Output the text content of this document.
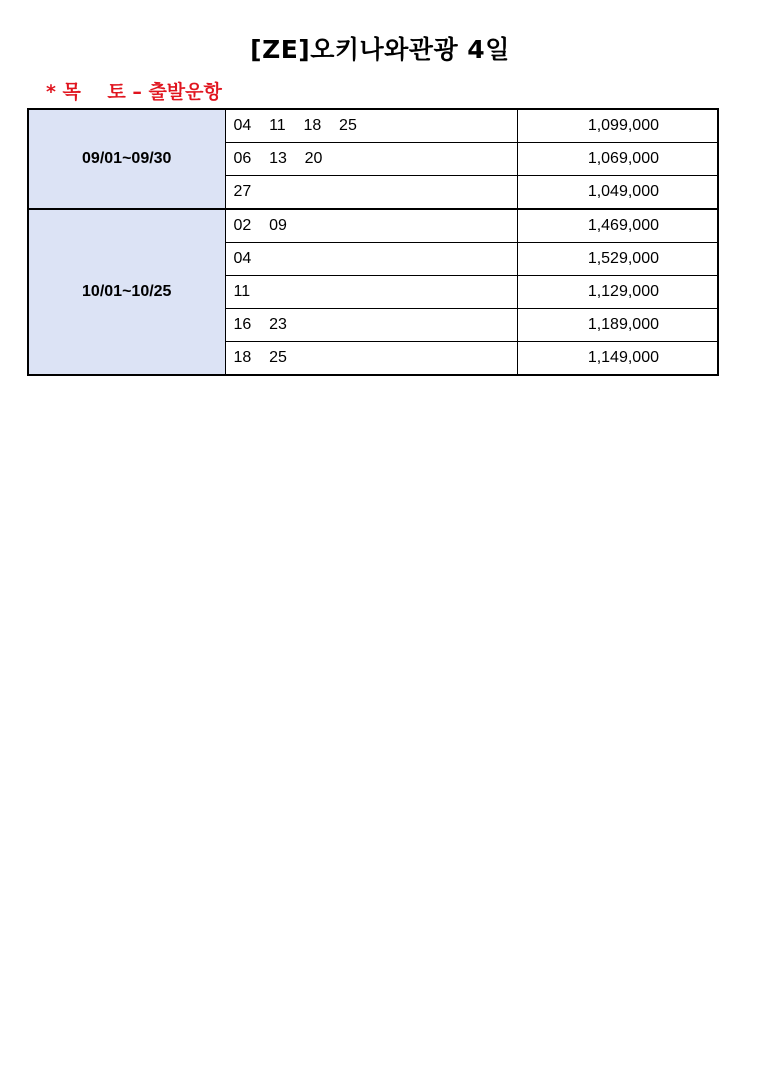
[ZE]오키나와관광 4일
* 목    토 – 출발운항
09/01~09/30	04    11    18    25	1,099,000
	06    13    20	1,069,000
	27	1,049,000
10/01~10/25	02    09	1,469,000
	04	1,529,000
	11	1,129,000
	16    23	1,189,000
	18    25	1,149,000
